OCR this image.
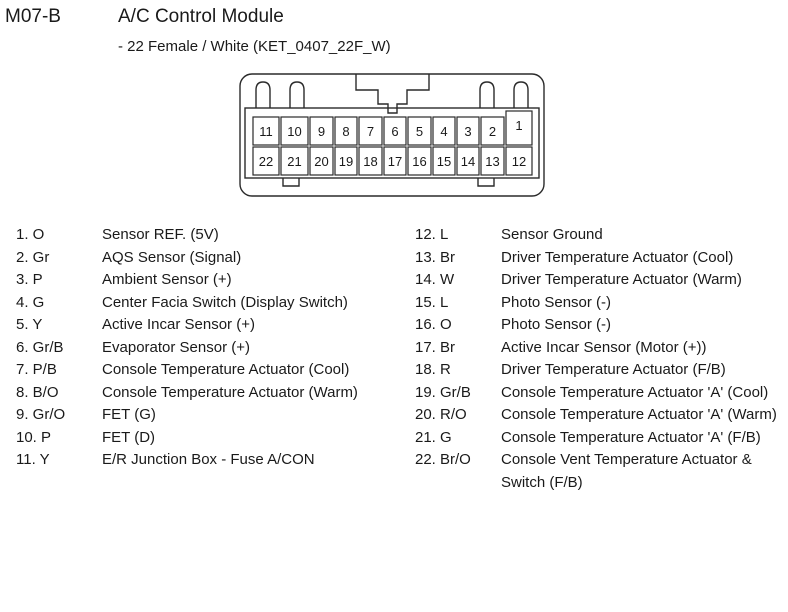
M07-B	A/C Control Module
- 22 Female / White (KET_0407_22F_W)
11 10 9 8 7 6 5 4 3 2 1
22 21 20 19 18 17 16 15 14 13 12
1. O	Sensor REF. (5V)
2. Gr	AQS Sensor (Signal)
3. P	Ambient Sensor (+)
4. G	Center Facia Switch (Display Switch)
5. Y	Active Incar Sensor (+)
6. Gr/B	Evaporator Sensor (+)
7. P/B	Console Temperature Actuator (Cool)
8. B/O	Console Temperature Actuator (Warm)
9. Gr/O	FET (G)
10. P	FET (D)
11. Y	E/R Junction Box - Fuse A/CON
12. L	Sensor Ground
13. Br	Driver Temperature Actuator (Cool)
14. W	Driver Temperature Actuator (Warm)
15. L	Photo Sensor (-)
16. O	Photo Sensor (-)
17. Br	Active Incar Sensor (Motor (+))
18. R	Driver Temperature Actuator (F/B)
19. Gr/B	Console Temperature Actuator 'A' (Cool)
20. R/O	Console Temperature Actuator 'A' (Warm)
21. G	Console Temperature Actuator 'A' (F/B)
22. Br/O	Console Vent Temperature Actuator & Switch (F/B)
